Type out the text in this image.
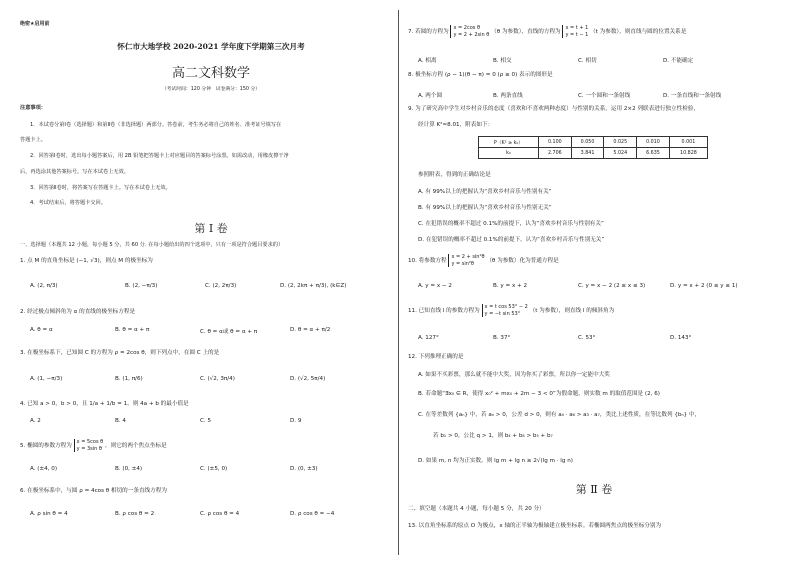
绝密★启用前
怀仁市大地学校 2020-2021 学年度下学期第三次月考
高二文科数学
（考试时间：120 分钟　试卷满分：150 分）
注意事项：
1．本试卷分第Ⅰ卷（选择题）和第Ⅱ卷（非选择题）两部分。答卷前，考生务必将自己的姓名、准考证号填写在
答题卡上。
2．回答第Ⅰ卷时，选出每小题答案后，用 2B 铅笔把答题卡上对应题目的答案标号涂黑。如需改动，用橡皮擦干净
后，再选涂其他答案标号。写在本试卷上无效。
3．回答第Ⅱ卷时，将答案写在答题卡上。写在本试卷上无效。
4．考试结束后，将答题卡交回。
第 Ⅰ 卷
一、选择题（本题共 12 小题，每小题 5 分，共 60 分. 在每小题给出的四个选项中，只有一项是符合题目要求的）
1. 点 M 的直角坐标是 (−1, √3)，则点 M 的极坐标为
A. (2, π/3)	B. (2, −π/3)	C. (2, 2π/3)	D. (2, 2kπ + π/3), (k∈Z)
2. 经过极点倾斜角为 α 的直线的极坐标方程是
A. θ = α	B. θ = α + π	C. θ = α或 θ = α + π	D. θ = α + π/2
3. 在极坐标系下，已知圆 C 的方程为 ρ = 2cos θ，则下列点中，在圆 C 上的是
A. (1, −π/3)	B. (1, π/6)	C. (√2, 3π/4)	D. (√2, 5π/4)
4. 已知 a > 0，b > 0，且 1/a + 1/b = 1，则 4a + b 的最小值是
A. 2	B. 4	C. 5	D. 9
5. 椭圆的参数方程为
x = 5cos θ
y = 3sin θ ，则它的两个焦点坐标是
A. (±4, 0)	B. (0, ±4)	C. (±5, 0)	D. (0, ±3)
6. 在极坐标系中，与圆 ρ = 4cos θ 相切的一条直线方程为
A. ρ sin θ = 4	B. ρ cos θ = 2	C. ρ cos θ = 4	D. ρ cos θ = −4
7. 若圆的方程为
x = 2cos θ
y = 2 + 2sin θ （θ 为参数），直线的方程为
x = t + 1
y = t − 1 （t 为参数），则直线与圆的位置关系是
A. 相离	B. 相交	C. 相切	D. 不能确定
8. 极坐标方程 (ρ − 1)(θ − π) = 0 (ρ ≥ 0) 表示的图形是
A. 两个圆	B. 两条直线	C. 一个圆和一条射线	D. 一条直线和一条射线
9. 为了研究高中学生对乡村音乐的态度（喜欢和不喜欢两种态度）与性别的关系，运用 2×2 列联表进行独立性检验，
经计算 K²≈8.01，附表如下：
P（K² ≥ k₀）	0.100	0.050	0.025	0.010	0.001
k₀	2.706	3.841	5.024	6.635	10.828
参照附表，得到的正确结论是
A. 有 99%以上的把握认为“喜欢乡村音乐与性别有关”
B. 有 99%以上的把握认为“喜欢乡村音乐与性别无关”
C. 在犯错误的概率不超过 0.1%的前提下，认为“喜欢乡村音乐与性别有关”
D. 在犯错误的概率不超过 0.1%的前提下，认为“喜欢乡村音乐与性别无关”
10. 将参数方程
x = 2 + sin²θ
y = sin²θ	（θ 为参数）化为普通方程是
A. y = x − 2	B. y = x + 2	C. y = x − 2 (2 ≤ x ≤ 3)	D. y = x + 2 (0 ≤ y ≤ 1)
11. 已知直线 l 的参数方程为
x = t cos 53° − 2
y = −t sin 53°	（t 为参数），则直线 l 的倾斜角为
A. 127°	B. 37°	C. 53°	D. 143°
12. 下列推理正确的是
A. 如果不买彩票，那么就不能中大奖，因为你买了彩票，所以你一定能中大奖
B. 若命题“∃x₀ ∈ R，使得 x₀² + mx₀ + 2m − 3 < 0”为假命题，则实数 m 的取值范围是 (2, 6)
C. 在等差数列 {aₙ} 中，若 aₙ > 0，公差 d > 0，则有 a₄ · a₆ > a₃ · a₇，类比上述性质，在等比数列 {bₙ} 中，
若 b₁ > 0，公比 q > 1，则 b₄ + b₈ > b₅ + b₇
D. 如果 m, n 均为正实数，则 lg m + lg n ≥ 2√(lg m · lg n)
第 Ⅱ 卷
二、填空题（本题共 4 小题，每小题 5 分，共 20 分）
13. 以直角坐标系的原点 O 为极点，x 轴的正半轴为极轴建立极坐标系。若椭圆两焦点的极坐标分别为
